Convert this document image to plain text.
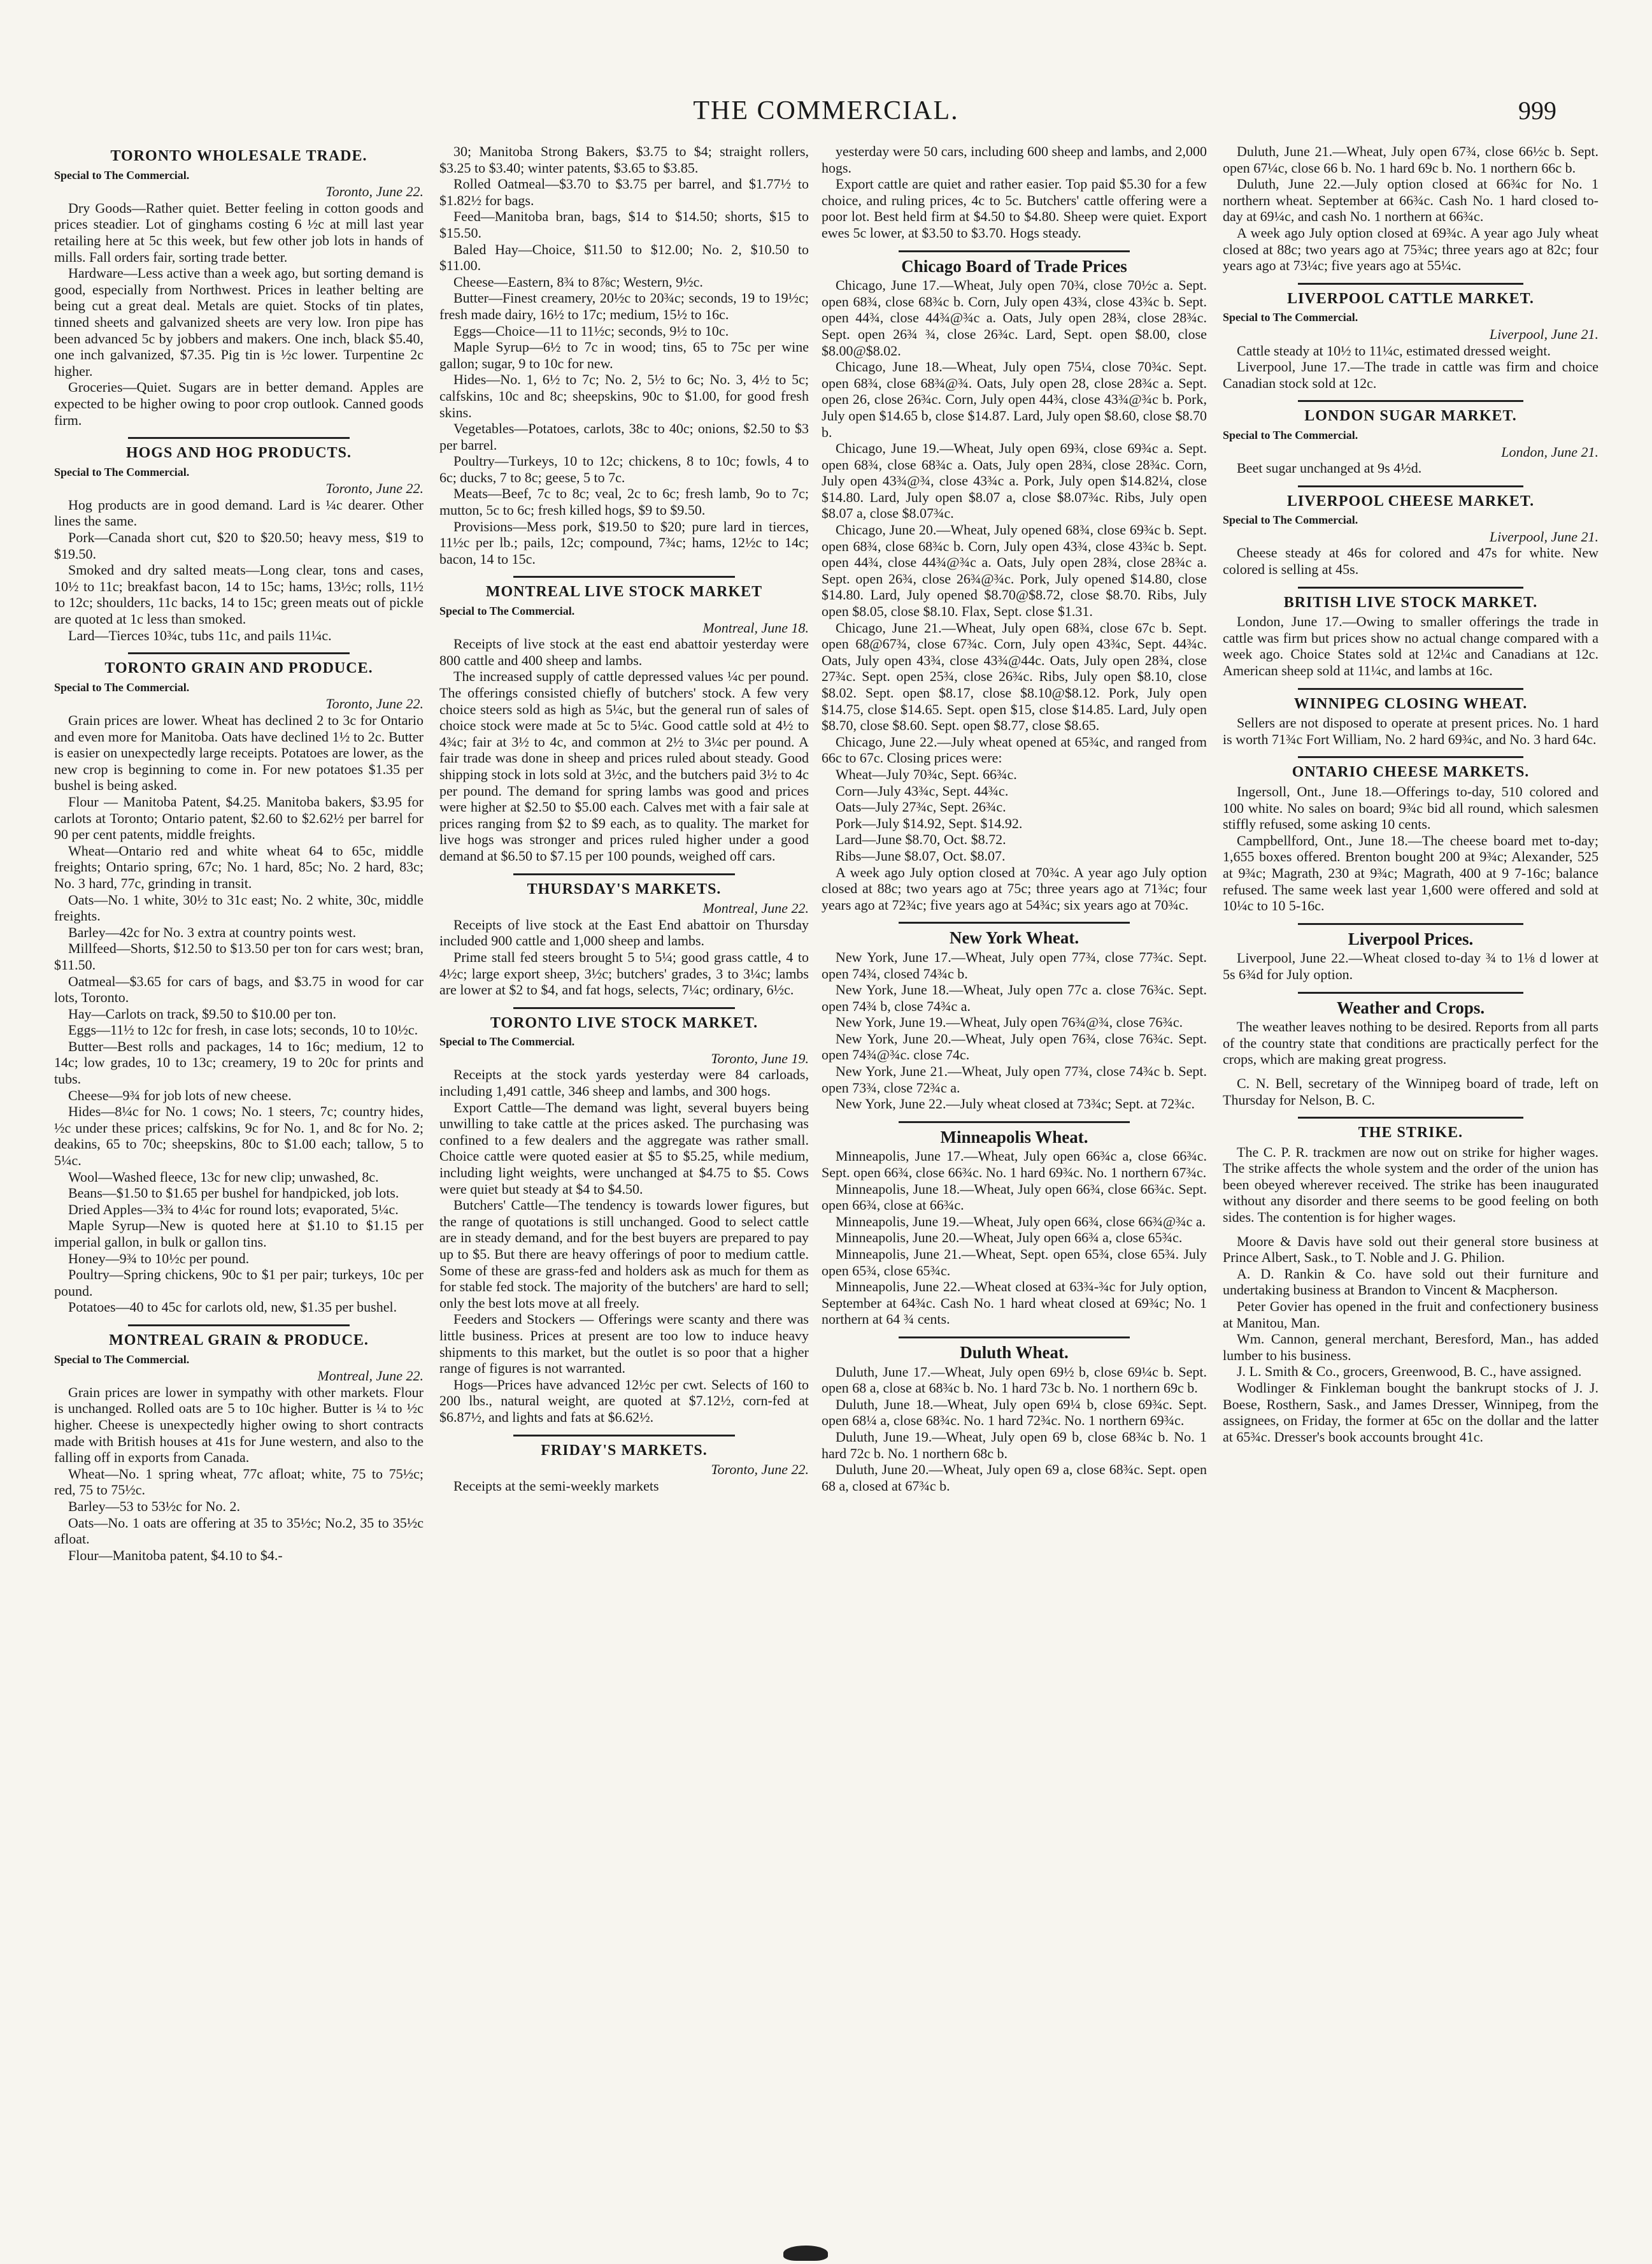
THE COMMERCIAL.	999
TORONTO WHOLESALE TRADE.
Special to The Commercial.
Toronto, June 22.

Dry Goods—Rather quiet. Better feeling in cotton goods and prices steadier. Lot of ginghams costing 6 ½c at mill last year retailing here at 5c this week, but few other job lots in hands of mills. Fall orders fair, sorting trade better.

Hardware—Less active than a week ago, but sorting demand is good, especially from Northwest. Prices in leather belting are being cut a great deal. Metals are quiet. Stocks of tin plates, tinned sheets and galvanized sheets are very low. Iron pipe has been advanced 5c by jobbers and makers. One inch, black $5.40, one inch galvanized, $7.35. Pig tin is ½c lower. Turpentine 2c higher.

Groceries—Quiet. Sugars are in better demand. Apples are expected to be higher owing to poor crop outlook. Canned goods firm.

HOGS AND HOG PRODUCTS.
Special to The Commercial.
Toronto, June 22.

Hog products are in good demand. Lard is ¼c dearer. Other lines the same.

Pork—Canada short cut, $20 to $20.50; heavy mess, $19 to $19.50.

Smoked and dry salted meats—Long clear, tons and cases, 10½ to 11c; breakfast bacon, 14 to 15c; hams, 13½c; rolls, 11½ to 12c; shoulders, 11c backs, 14 to 15c; green meats out of pickle are quoted at 1c less than smoked.

Lard—Tierces 10¾c, tubs 11c, and pails 11¼c.

TORONTO GRAIN AND PRODUCE.
Special to The Commercial.
Toronto, June 22.

Grain prices are lower. Wheat has declined 2 to 3c for Ontario and even more for Manitoba. Oats have declined 1½ to 2c. Butter is easier on unexpectedly large receipts. Potatoes are lower, as the new crop is beginning to come in. For new potatoes $1.35 per bushel is being asked.

Flour — Manitoba Patent, $4.25. Manitoba bakers, $3.95 for carlots at Toronto; Ontario patent, $2.60 to $2.62½ per barrel for 90 per cent patents, middle freights.

Wheat—Ontario red and white wheat 64 to 65c, middle freights; Ontario spring, 67c; No. 1 hard, 85c; No. 2 hard, 83c; No. 3 hard, 77c, grinding in transit.

Oats—No. 1 white, 30½ to 31c east; No. 2 white, 30c, middle freights.

Barley—42c for No. 3 extra at country points west.

Millfeed—Shorts, $12.50 to $13.50 per ton for cars west; bran, $11.50.

Oatmeal—$3.65 for cars of bags, and $3.75 in wood for car lots, Toronto.

Hay—Carlots on track, $9.50 to $10.00 per ton.

Eggs—11½ to 12c for fresh, in case lots; seconds, 10 to 10½c.

Butter—Best rolls and packages, 14 to 16c; medium, 12 to 14c; low grades, 10 to 13c; creamery, 19 to 20c for prints and tubs.

Cheese—9¾ for job lots of new cheese.

Hides—8¼c for No. 1 cows; No. 1 steers, 7c; country hides, ½c under these prices; calfskins, 9c for No. 1, and 8c for No. 2; deakins, 65 to 70c; sheepskins, 80c to $1.00 each; tallow, 5 to 5¼c.

Wool—Washed fleece, 13c for new clip; unwashed, 8c.

Beans—$1.50 to $1.65 per bushel for handpicked, job lots.

Dried Apples—3¾ to 4¼c for round lots; evaporated, 5¼c.

Maple Syrup—New is quoted here at $1.10 to $1.15 per imperial gallon, in bulk or gallon tins.

Honey—9¾ to 10½c per pound.

Poultry—Spring chickens, 90c to $1 per pair; turkeys, 10c per pound.

Potatoes—40 to 45c for carlots old, new, $1.35 per bushel.

MONTREAL GRAIN & PRODUCE.
Special to The Commercial.
Montreal, June 22.

Grain prices are lower in sympathy with other markets. Flour is unchanged. Rolled oats are 5 to 10c higher. Butter is ¼ to ½c higher. Cheese is unexpectedly higher owing to short contracts made with British houses at 41s for June western, and also to the falling off in exports from Canada.

Wheat—No. 1 spring wheat, 77c afloat; white, 75 to 75½c; red, 75 to 75½c.

Barley—53 to 53½c for No. 2.

Oats—No. 1 oats are offering at 35 to 35½c; No.2, 35 to 35½c afloat.

Flour—Manitoba patent, $4.10 to $4.-

30; Manitoba Strong Bakers, $3.75 to $4; straight rollers, $3.25 to $3.40; winter patents, $3.65 to $3.85.

Rolled Oatmeal—$3.70 to $3.75 per barrel, and $1.77½ to $1.82½ for bags.

Feed—Manitoba bran, bags, $14 to $14.50; shorts, $15 to $15.50.

Baled Hay—Choice, $11.50 to $12.00; No. 2, $10.50 to $11.00.

Cheese—Eastern, 8¾ to 8⅞c; Western, 9½c.

Butter—Finest creamery, 20½c to 20¾c; seconds, 19 to 19½c; fresh made dairy, 16½ to 17c; medium, 15½ to 16c.

Eggs—Choice—11 to 11½c; seconds, 9½ to 10c.

Maple Syrup—6½ to 7c in wood; tins, 65 to 75c per wine gallon; sugar, 9 to 10c for new.

Hides—No. 1, 6½ to 7c; No. 2, 5½ to 6c; No. 3, 4½ to 5c; calfskins, 10c and 8c; sheepskins, 90c to $1.00, for good fresh skins.

Vegetables—Potatoes, carlots, 38c to 40c; onions, $2.50 to $3 per barrel.

Poultry—Turkeys, 10 to 12c; chickens, 8 to 10c; fowls, 4 to 6c; ducks, 7 to 8c; geese, 5 to 7c.

Meats—Beef, 7c to 8c; veal, 2c to 6c; fresh lamb, 9o to 7c; mutton, 5c to 6c; fresh killed hogs, $9 to $9.50.

Provisions—Mess pork, $19.50 to $20; pure lard in tierces, 11½c per lb.; pails, 12c; compound, 7¾c; hams, 12½c to 14c; bacon, 14 to 15c.

MONTREAL LIVE STOCK MARKET
Special to The Commercial.
Montreal, June 18.

Receipts of live stock at the east end abattoir yesterday were 800 cattle and 400 sheep and lambs.

The increased supply of cattle depressed values ¼c per pound. The offerings consisted chiefly of butchers' stock. A few very choice steers sold as high as 5¼c, but the general run of sales of choice stock were made at 5c to 5¼c. Good cattle sold at 4½ to 4¾c; fair at 3½ to 4c, and common at 2½ to 3¼c per pound. A fair trade was done in sheep and prices ruled about steady. Good shipping stock in lots sold at 3½c, and the butchers paid 3½ to 4c per pound. The demand for spring lambs was good and prices were higher at $2.50 to $5.00 each. Calves met with a fair sale at prices ranging from $2 to $9 each, as to quality. The market for live hogs was stronger and prices ruled higher under a good demand at $6.50 to $7.15 per 100 pounds, weighed off cars.

THURSDAY'S MARKETS.
Montreal, June 22.

Receipts of live stock at the East End abattoir on Thursday included 900 cattle and 1,000 sheep and lambs.

Prime stall fed steers brought 5 to 5¼; good grass cattle, 4 to 4½c; large export sheep, 3½c; butchers' grades, 3 to 3¼c; lambs are lower at $2 to $4, and fat hogs, selects, 7¼c; ordinary, 6½c.

TORONTO LIVE STOCK MARKET.
Special to The Commercial.
Toronto, June 19.

Receipts at the stock yards yesterday were 84 carloads, including 1,491 cattle, 346 sheep and lambs, and 300 hogs.

Export Cattle—The demand was light, several buyers being unwilling to take cattle at the prices asked. The purchasing was confined to a few dealers and the aggregate was rather small. Choice cattle were quoted easier at $5 to $5.25, while medium, including light weights, were unchanged at $4.75 to $5. Cows were quiet but steady at $4 to $4.50.

Butchers' Cattle—The tendency is towards lower figures, but the range of quotations is still unchanged. Good to select cattle are in steady demand, and for the best buyers are prepared to pay up to $5. But there are heavy offerings of poor to medium cattle. Some of these are grass-fed and holders ask as much for them as for stable fed stock. The majority of the butchers' are hard to sell; only the best lots move at all freely.

Feeders and Stockers — Offerings were scanty and there was little business. Prices at present are too low to induce heavy shipments to this market, but the outlet is so poor that a higher range of figures is not warranted.

Hogs—Prices have advanced 12½c per cwt. Selects of 160 to 200 lbs., natural weight, are quoted at $7.12½, corn-fed at $6.87½, and lights and fats at $6.62½.

FRIDAY'S MARKETS.
Toronto, June 22.

Receipts at the semi-weekly markets

yesterday were 50 cars, including 600 sheep and lambs, and 2,000 hogs.

Export cattle are quiet and rather easier. Top paid $5.30 for a few choice, and ruling prices, 4c to 5c. Butchers' cattle offering were a poor lot. Best held firm at $4.50 to $4.80. Sheep were quiet. Export ewes 5c lower, at $3.50 to $3.70. Hogs steady.

Chicago Board of Trade Prices

Chicago, June 17.—Wheat, July open 70¾, close 70½c a. Sept. open 68¾, close 68¾c b. Corn, July open 43¾, close 43¾c b. Sept. open 44¾, close 44¾@¾c a. Oats, July open 28¾, close 28¾c. Sept. open 26¾ ¾, close 26¾c. Lard, Sept. open $8.00, close $8.00@$8.02.

Chicago, June 18.—Wheat, July open 75¼, close 70¾c. Sept. open 68¾, close 68¾@¾. Oats, July open 28, close 28¾c a. Sept. open 26, close 26¾c. Corn, July open 44¾, close 43¾@¾c b. Pork, July open $14.65 b, close $14.87. Lard, July open $8.60, close $8.70 b.

Chicago, June 19.—Wheat, July open 69¾, close 69¾c a. Sept. open 68¾, close 68¾c a. Oats, July open 28¾, close 28¾c. Corn, July open 43¾@¾, close 43¾c a. Pork, July open $14.82¼, close $14.80. Lard, July open $8.07 a, close $8.07¾c. Ribs, July open $8.07 a, close $8.07¾c.

Chicago, June 20.—Wheat, July opened 68¾, close 69¾c b. Sept. open 68¾, close 68¾c b. Corn, July open 43¾, close 43¾c b. Sept. open 44¾, close 44¾@¾c a. Oats, July open 28¾, close 28¾c a. Sept. open 26¾, close 26¾@¾c. Pork, July opened $14.80, close $14.80. Lard, July opened $8.70@$8.72, close $8.70. Ribs, July open $8.05, close $8.10. Flax, Sept. close $1.31.

Chicago, June 21.—Wheat, July open 68¾, close 67c b. Sept. open 68@67¾, close 67¾c. Corn, July open 43¾c, Sept. 44¾c. Oats, July open 43¾, close 43¾@44c. Oats, July open 28¾, close 27¾c. Sept. open 25¾, close 26¾c. Ribs, July open $8.10, close $8.02. Sept. open $8.17, close $8.10@$8.12. Pork, July open $14.75, close $14.65. Sept. open $15, close $14.85. Lard, July open $8.70, close $8.60. Sept. open $8.77, close $8.65.

Chicago, June 22.—July wheat opened at 65¾c, and ranged from 66c to 67c. Closing prices were:

Wheat—July 70¾c, Sept. 66¾c.

Corn—July 43¾c, Sept. 44¾c.

Oats—July 27¾c, Sept. 26¾c.

Pork—July $14.92, Sept. $14.92.

Lard—June $8.70, Oct. $8.72.

Ribs—June $8.07, Oct. $8.07.

A week ago July option closed at 70¾c. A year ago July option closed at 88c; two years ago at 75c; three years ago at 71¾c; four years ago at 72¾c; five years ago at 54¾c; six years ago at 70¾c.

New York Wheat.

New York, June 17.—Wheat, July open 77¾, close 77¾c. Sept. open 74¾, closed 74¾c b.

New York, June 18.—Wheat, July open 77c a. close 76¾c. Sept. open 74¾ b, close 74¾c a.

New York, June 19.—Wheat, July open 76¾@¾, close 76¾c.

New York, June 20.—Wheat, July open 76¾, close 76¾c. Sept. open 74¾@¾c. close 74c.

New York, June 21.—Wheat, July open 77¾, close 74¾c b. Sept. open 73¾, close 72¾c a.

New York, June 22.—July wheat closed at 73¾c; Sept. at 72¾c.

Minneapolis Wheat.

Minneapolis, June 17.—Wheat, July open 66¾c a, close 66¾c. Sept. open 66¾, close 66¾c. No. 1 hard 69¾c. No. 1 northern 67¾c.

Minneapolis, June 18.—Wheat, July open 66¾, close 66¾c. Sept. open 66¾, close at 66¾c.

Minneapolis, June 19.—Wheat, July open 66¾, close 66¾@¾c a.

Minneapolis, June 20.—Wheat, July open 66¾ a, close 65¾c.

Minneapolis, June 21.—Wheat, Sept. open 65¾, close 65¾. July open 65¾, close 65¾c.

Minneapolis, June 22.—Wheat closed at 63¾-¾c for July option, September at 64¾c. Cash No. 1 hard wheat closed at 69¾c; No. 1 northern at 64 ¾ cents.

Duluth Wheat.

Duluth, June 17.—Wheat, July open 69½ b, close 69¼c b. Sept. open 68 a, close at 68¾c b. No. 1 hard 73c b. No. 1 northern 69c b.

Duluth, June 18.—Wheat, July open 69¼ b, close 69¾c. Sept. open 68¼ a, close 68¾c. No. 1 hard 72¾c. No. 1 northern 69¾c.

Duluth, June 19.—Wheat, July open 69 b, close 68¾c b. No. 1 hard 72c b. No. 1 northern 68c b.

Duluth, June 20.—Wheat, July open 69 a, close 68¾c. Sept. open 68 a, closed at 67¾c b.

Duluth, June 21.—Wheat, July open 67¾, close 66½c b. Sept. open 67¼c, close 66 b. No. 1 hard 69c b. No. 1 northern 66c b.

Duluth, June 22.—July option closed at 66¾c for No. 1 northern wheat. September at 66¾c. Cash No. 1 hard closed to-day at 69¼c, and cash No. 1 northern at 66¾c.

A week ago July option closed at 69¾c. A year ago July wheat closed at 88c; two years ago at 75¾c; three years ago at 82c; four years ago at 73¼c; five years ago at 55¼c.

LIVERPOOL CATTLE MARKET.
Special to The Commercial.
Liverpool, June 21.

Cattle steady at 10½ to 11¼c, estimated dressed weight.

Liverpool, June 17.—The trade in cattle was firm and choice Canadian stock sold at 12c.

LONDON SUGAR MARKET.
Special to The Commercial.
London, June 21.

Beet sugar unchanged at 9s 4½d.

LIVERPOOL CHEESE MARKET.
Special to The Commercial.
Liverpool, June 21.

Cheese steady at 46s for colored and 47s for white. New colored is selling at 45s.

BRITISH LIVE STOCK MARKET.

London, June 17.—Owing to smaller offerings the trade in cattle was firm but prices show no actual change compared with a week ago. Choice States sold at 12¼c and Canadians at 12c. American sheep sold at 11¼c, and lambs at 16c.

WINNIPEG CLOSING WHEAT.

Sellers are not disposed to operate at present prices. No. 1 hard is worth 71¾c Fort William, No. 2 hard 69¾c, and No. 3 hard 64c.

ONTARIO CHEESE MARKETS.

Ingersoll, Ont., June 18.—Offerings to-day, 510 colored and 100 white. No sales on board; 9¾c bid all round, which salesmen stiffly refused, some asking 10 cents.

Campbellford, Ont., June 18.—The cheese board met to-day; 1,655 boxes offered. Brenton bought 200 at 9¾c; Alexander, 525 at 9¾c; Magrath, 230 at 9¾c; Magrath, 400 at 9 7-16c; balance refused. The same week last year 1,600 were offered and sold at 10¼c to 10 5-16c.

Liverpool Prices.

Liverpool, June 22.—Wheat closed to-day ¾ to 1⅛ d lower at 5s 6¾d for July option.

Weather and Crops.

The weather leaves nothing to be desired. Reports from all parts of the country state that conditions are practically perfect for the crops, which are making great progress.

C. N. Bell, secretary of the Winnipeg board of trade, left on Thursday for Nelson, B. C.

THE STRIKE.

The C. P. R. trackmen are now out on strike for higher wages. The strike affects the whole system and the order of the union has been obeyed wherever received. The strike has been inaugurated without any disorder and there seems to be good feeling on both sides. The contention is for higher wages.

Moore & Davis have sold out their general store business at Prince Albert, Sask., to T. Noble and J. G. Philion.

A. D. Rankin & Co. have sold out their furniture and undertaking business at Brandon to Vincent & Macpherson.

Peter Govier has opened in the fruit and confectionery business at Manitou, Man.

Wm. Cannon, general merchant, Beresford, Man., has added lumber to his business.

J. L. Smith & Co., grocers, Greenwood, B. C., have assigned.

Wodlinger & Finkleman bought the bankrupt stocks of J. J. Boese, Rosthern, Sask., and James Dresser, Winnipeg, from the assignees, on Friday, the former at 65c on the dollar and the latter at 65¾c. Dresser's book accounts brought 41c.
